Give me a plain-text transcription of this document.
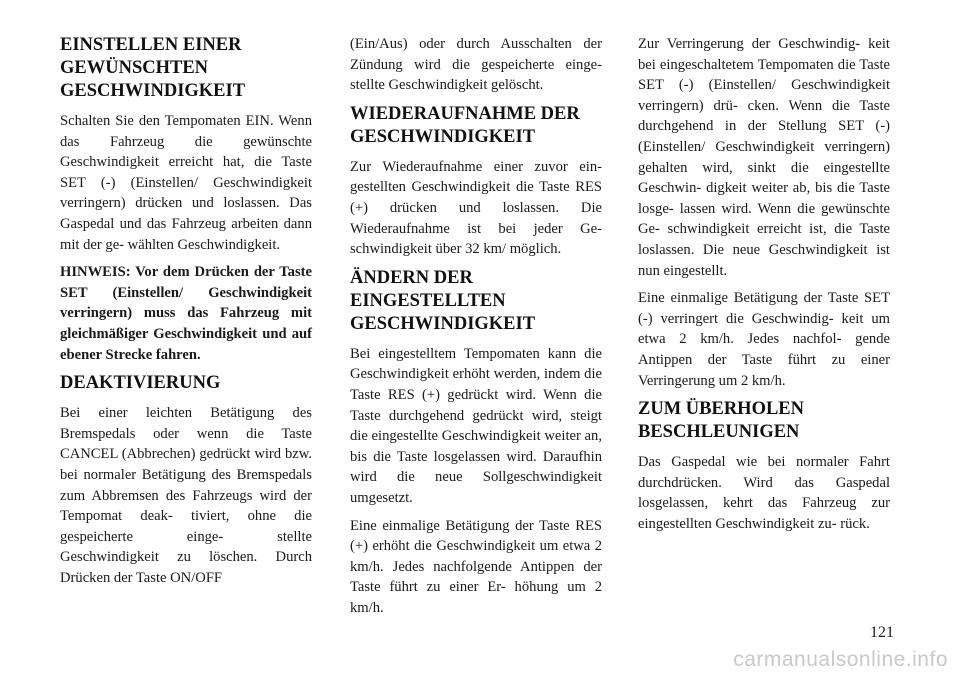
EINSTELLEN EINER GEWÜNSCHTEN GESCHWINDIGKEIT

Schalten Sie den Tempomaten EIN. Wenn das Fahrzeug die gewünschte Geschwindigkeit erreicht hat, die Taste SET (-) (Einstellen/ Geschwindigkeit verringern) drücken und loslassen. Das Gaspedal und das Fahrzeug arbeiten dann mit der ge- wählten Geschwindigkeit.

HINWEIS: Vor dem Drücken der Taste SET (Einstellen/ Geschwindigkeit verringern) muss das Fahrzeug mit gleichmäßiger Geschwindigkeit und auf ebener Strecke fahren.

DEAKTIVIERUNG

Bei einer leichten Betätigung des Bremspedals oder wenn die Taste CANCEL (Abbrechen) gedrückt wird bzw. bei normaler Betätigung des Bremspedals zum Abbremsen des Fahrzeugs wird der Tempomat deak- tiviert, ohne die gespeicherte einge- stellte Geschwindigkeit zu löschen. Durch Drücken der Taste ON/OFF

(Ein/Aus) oder durch Ausschalten der Zündung wird die gespeicherte einge- stellte Geschwindigkeit gelöscht.

WIEDERAUFNAHME DER GESCHWINDIGKEIT

Zur Wiederaufnahme einer zuvor ein- gestellten Geschwindigkeit die Taste RES (+) drücken und loslassen. Die Wiederaufnahme ist bei jeder Ge- schwindigkeit über 32 km/ möglich.

ÄNDERN DER EINGESTELLTEN GESCHWINDIGKEIT

Bei eingestelltem Tempomaten kann die Geschwindigkeit erhöht werden, indem die Taste RES (+) gedrückt wird. Wenn die Taste durchgehend gedrückt wird, steigt die eingestellte Geschwindigkeit weiter an, bis die Taste losgelassen wird. Daraufhin wird die neue Sollgeschwindigkeit umgesetzt.

Eine einmalige Betätigung der Taste RES (+) erhöht die Geschwindigkeit um etwa 2 km/h. Jedes nachfolgende Antippen der Taste führt zu einer Er- höhung um 2 km/h.

Zur Verringerung der Geschwindig- keit bei eingeschaltetem Tempomaten die Taste SET (-) (Einstellen/ Geschwindigkeit verringern) drü- cken. Wenn die Taste durchgehend in der Stellung SET (-) (Einstellen/ Geschwindigkeit verringern) gehalten wird, sinkt die eingestellte Geschwin- digkeit weiter ab, bis die Taste losge- lassen wird. Wenn die gewünschte Ge- schwindigkeit erreicht ist, die Taste loslassen. Die neue Geschwindigkeit ist nun eingestellt.

Eine einmalige Betätigung der Taste SET (-) verringert die Geschwindig- keit um etwa 2 km/h. Jedes nachfol- gende Antippen der Taste führt zu einer Verringerung um 2 km/h.

ZUM ÜBERHOLEN BESCHLEUNIGEN

Das Gaspedal wie bei normaler Fahrt durchdrücken. Wird das Gaspedal losgelassen, kehrt das Fahrzeug zur eingestellten Geschwindigkeit zu- rück.

121
carmanualsonline.info
